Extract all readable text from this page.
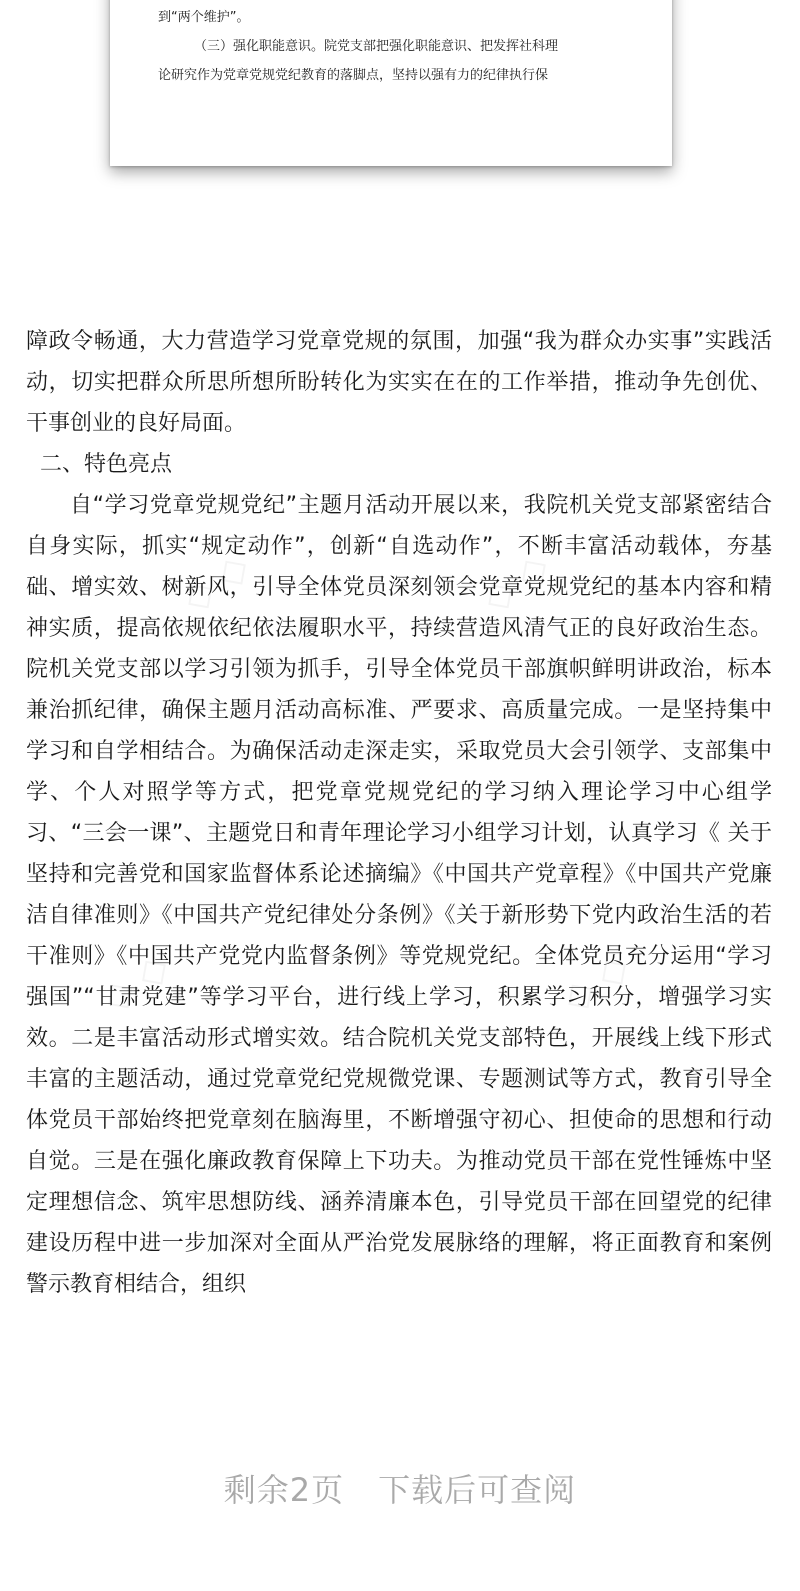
到“两个维护”。
（三）强化职能意识。院党支部把强化职能意识、把发挥社科理
论研究作为党章党规党纪教育的落脚点，坚持以强有力的纪律执行保

障政令畅通，大力营造学习党章党规的氛围，加强“我为群众办实事”实践活动，切实把群众所思所想所盼转化为实实在在的工作举措，推动争先创优、干事创业的良好局面。

二、特色亮点

自“学习党章党规党纪”主题月活动开展以来，我院机关党支部紧密结合自身实际，抓实“规定动作”，创新“自选动作”，不断丰富活动载体，夯基础、增实效、树新风，引导全体党员深刻领会党章党规党纪的基本内容和精神实质，提高依规依纪依法履职水平，持续营造风清气正的良好政治生态。院机关党支部以学习引领为抓手，引导全体党员干部旗帜鲜明讲政治，标本兼治抓纪律，确保主题月活动高标准、严要求、高质量完成。一是坚持集中学习和自学相结合。为确保活动走深走实，采取党员大会引领学、支部集中学、个人对照学等方式，把党章党规党纪的学习纳入理论学习中心组学习、“三会一课”、主题党日和青年理论学习小组学习计划，认真学习《 关于坚持和完善党和国家监督体系论述摘编》《中国共产党章程》《中国共产党廉洁自律准则》《中国共产党纪律处分条例》《关于新形势下党内政治生活的若干准则》《中国共产党党内监督条例》等党规党纪。全体党员充分运用“学习强国”“甘肃党建”等学习平台，进行线上学习，积累学习积分，增强学习实效。二是丰富活动形式增实效。结合院机关党支部特色，开展线上线下形式丰富的主题活动，通过党章党纪党规微党课、专题测试等方式，教育引导全体党员干部始终把党章刻在脑海里，不断增强守初心、担使命的思想和行动自觉。三是在强化廉政教育保障上下功夫。为推动党员干部在党性锤炼中坚定理想信念、筑牢思想防线、涵养清廉本色，引导党员干部在回望党的纪律建设历程中进一步加深对全面从严治党发展脉络的理解，将正面教育和案例警示教育相结合，组织

剩余2页 下载后可查阅
